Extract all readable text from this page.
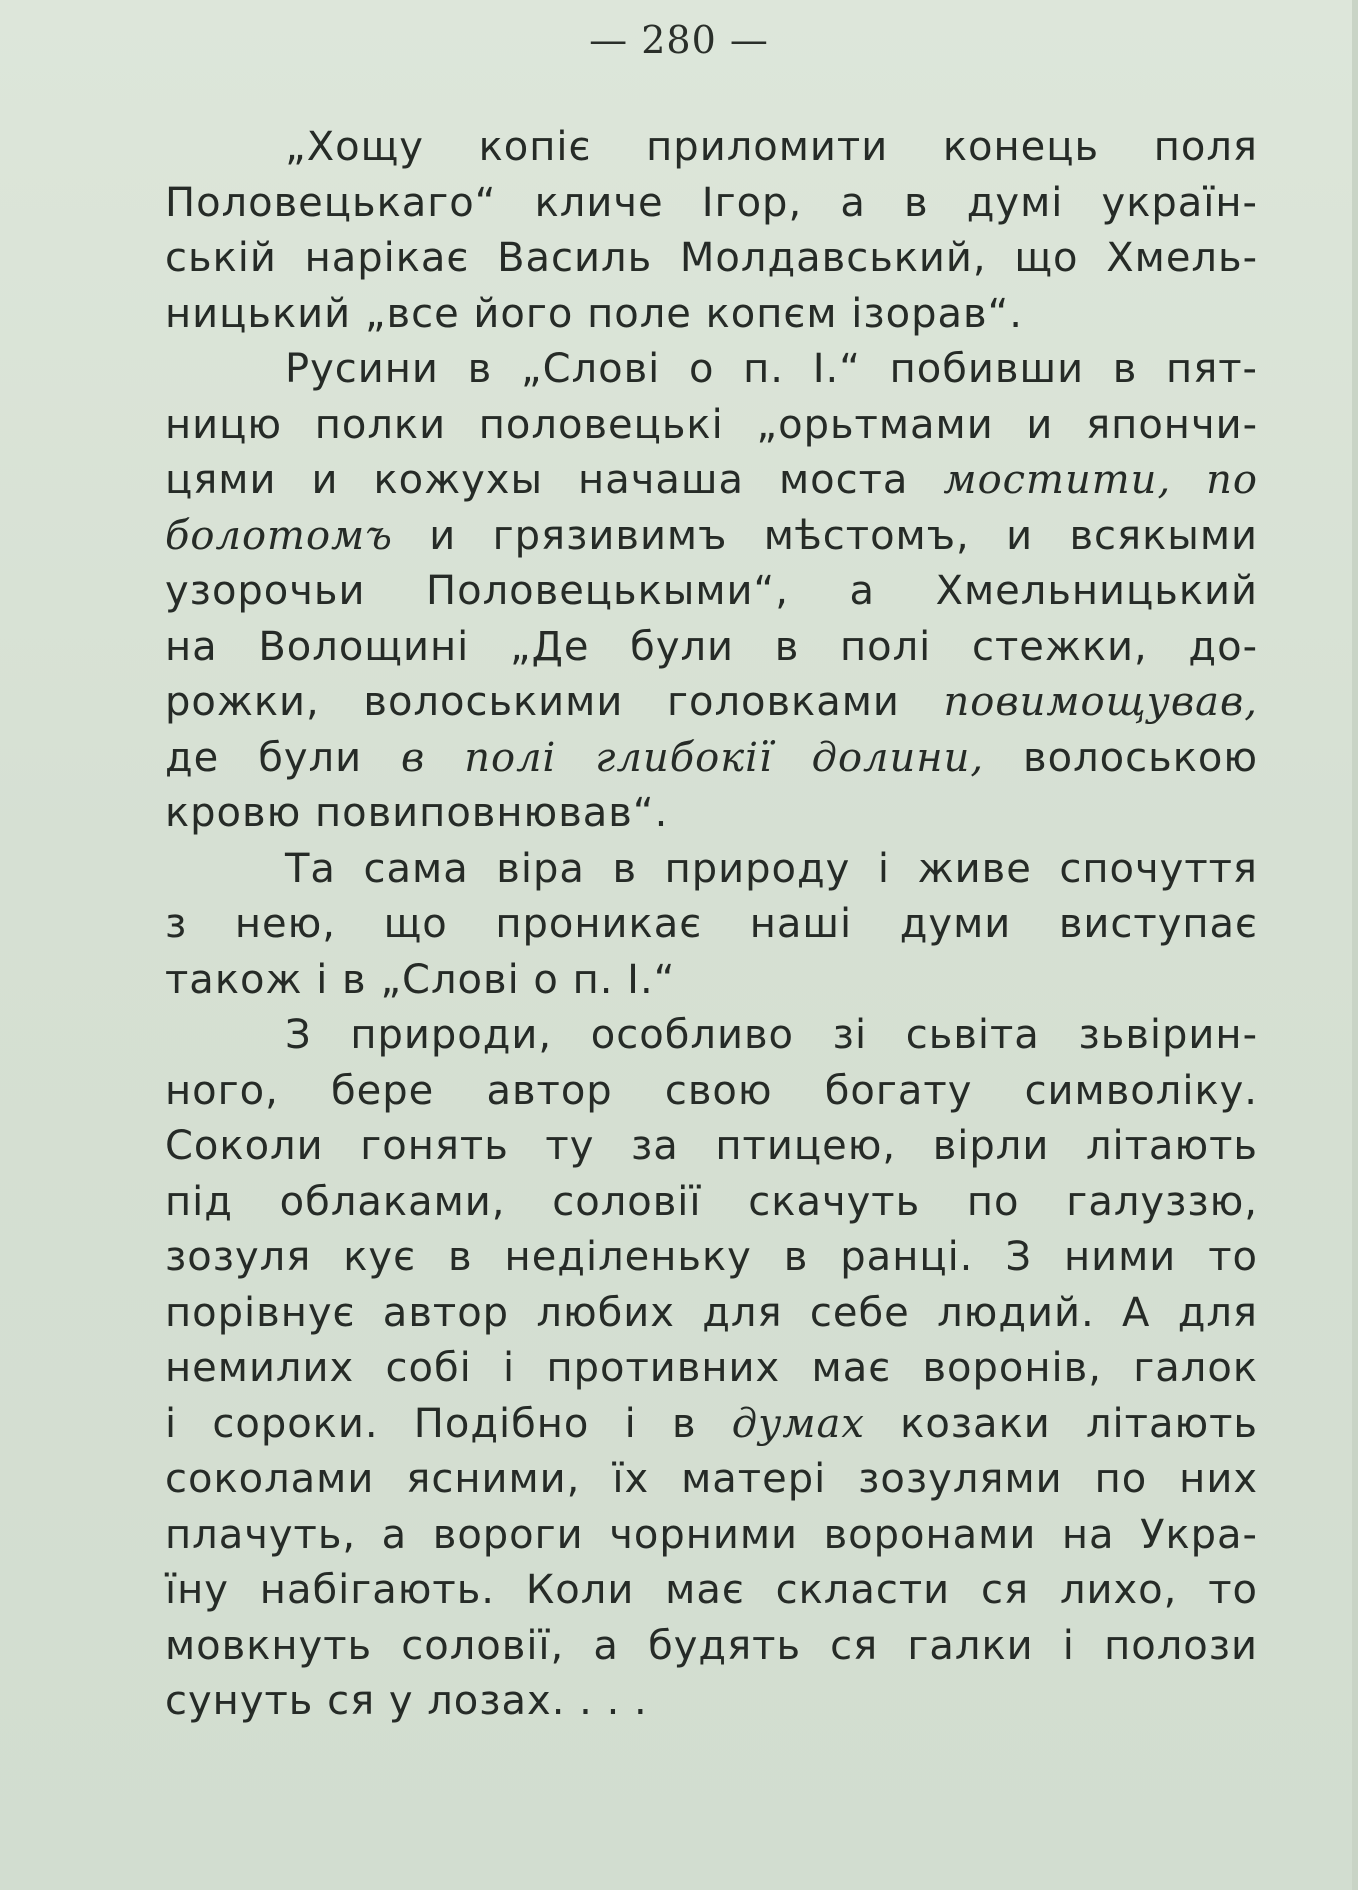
— 280 —
„Хощу копіє приломити конець поля
Половецькаго“ кличе Ігор, а в думі україн-
ській нарікає Василь Молдавський, що Хмель-
ницький „все його поле копєм ізорав“.
Русини в „Слові о п. І.“ побивши в пят-
ницю полки половецькі „орьтмами и япончи-
цями и кожухы начаша моста мостити, по
болотомъ и грязивимъ мѣстомъ, и всякыми
узорочьи Половецькыми“, а Хмельницький
на Волощині „Де були в полі стежки, до-
рожки, волоськими головками повимощував,
де були в полі глибокії долини, волоською
кровю повиповнював“.
Та сама віра в природу і живе спочуття
з нею, що проникає наші думи виступає
також і в „Слові о п. І.“
З природи, особливо зі сьвіта зьвірин-
ного, бере автор свою богату символіку.
Соколи гонять ту за птицею, вірли літають
під облаками, соловії скачуть по галуззю,
зозуля кує в неділеньку в ранці. З ними то
порівнує автор любих для себе людий. А для
немилих собі і противних має воронів, галок
і сороки. Подібно і в думах козаки літають
соколами ясними, їх матері зозулями по них
плачуть, а вороги чорними воронами на Укра-
їну набігають. Коли має скласти ся лихо, то
мовкнуть соловії, а будять ся галки і полози
сунуть ся у лозах. . . .
